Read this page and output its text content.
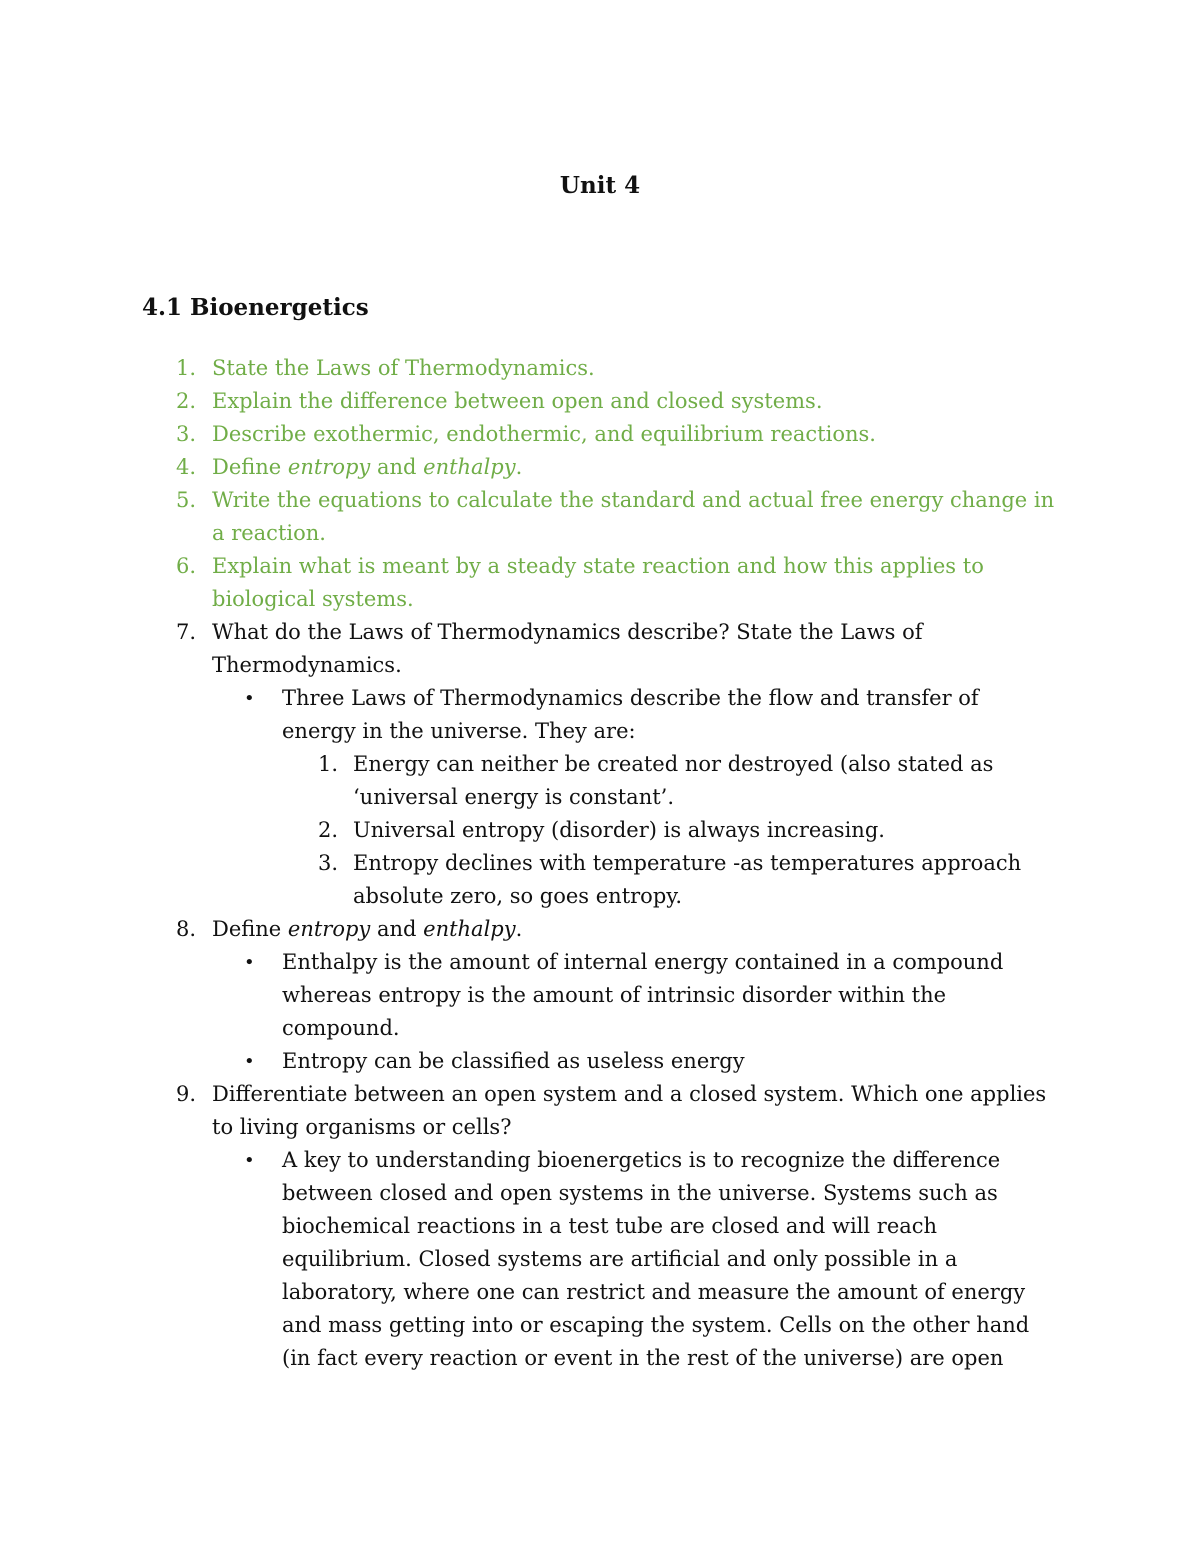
Unit 4
4.1 Bioenergetics
1. State the Laws of Thermodynamics.
2. Explain the difference between open and closed systems.
3. Describe exothermic, endothermic, and equilibrium reactions.
4. Define entropy and enthalpy.
5. Write the equations to calculate the standard and actual free energy change in a reaction.
6. Explain what is meant by a steady state reaction and how this applies to biological systems.
7. What do the Laws of Thermodynamics describe? State the Laws of Thermodynamics.
• Three Laws of Thermodynamics describe the flow and transfer of energy in the universe. They are:
1. Energy can neither be created nor destroyed (also stated as ‘universal energy is constant’.
2. Universal entropy (disorder) is always increasing.
3. Entropy declines with temperature -as temperatures approach absolute zero, so goes entropy.
8. Define entropy and enthalpy.
• Enthalpy is the amount of internal energy contained in a compound whereas entropy is the amount of intrinsic disorder within the compound.
• Entropy can be classified as useless energy
9. Differentiate between an open system and a closed system. Which one applies to living organisms or cells?
• A key to understanding bioenergetics is to recognize the difference between closed and open systems in the universe. Systems such as biochemical reactions in a test tube are closed and will reach equilibrium. Closed systems are artificial and only possible in a laboratory, where one can restrict and measure the amount of energy and mass getting into or escaping the system. Cells on the other hand (in fact every reaction or event in the rest of the universe) are open
